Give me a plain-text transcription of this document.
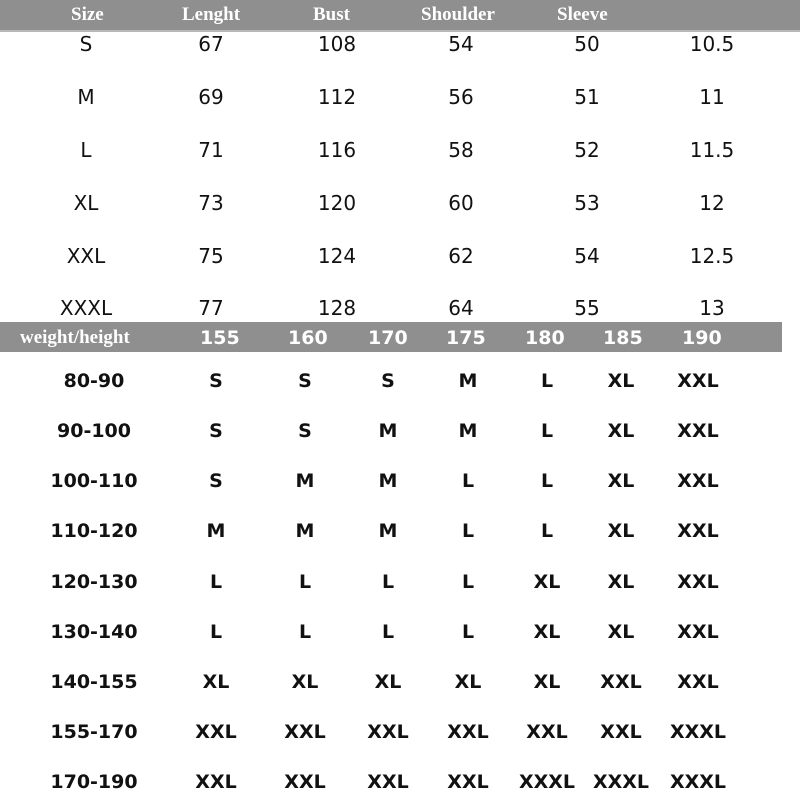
Size	Lenght	Bust	Shoulder	Sleeve
S	67	108	54	50	10.5
M	69	112	56	51	11
L	71	116	58	52	11.5
XL	73	120	60	53	12
XXL	75	124	62	54	12.5
XXXL	77	128	64	55	13
weight/height	155	160 170 175 180 185 190
80-90	S	S	S	M	L	XL XXL
90-100	S	S	M	M	L	XL XXL
100-110	S	M	M	L	L	XL XXL
110-120	M	M	M	L	L	XL XXL
120-130	L	L	L	L	XL XL XXL
130-140	L	L	L	L	XL XL XXL
140-155	XL	XL	XL	XL	XL XXL XXL
155-170	XXL	XXL XXL XXL XXL XXL XXXL
170-190	XXL	XXL XXL XXL XXXL XXXL XXXL
